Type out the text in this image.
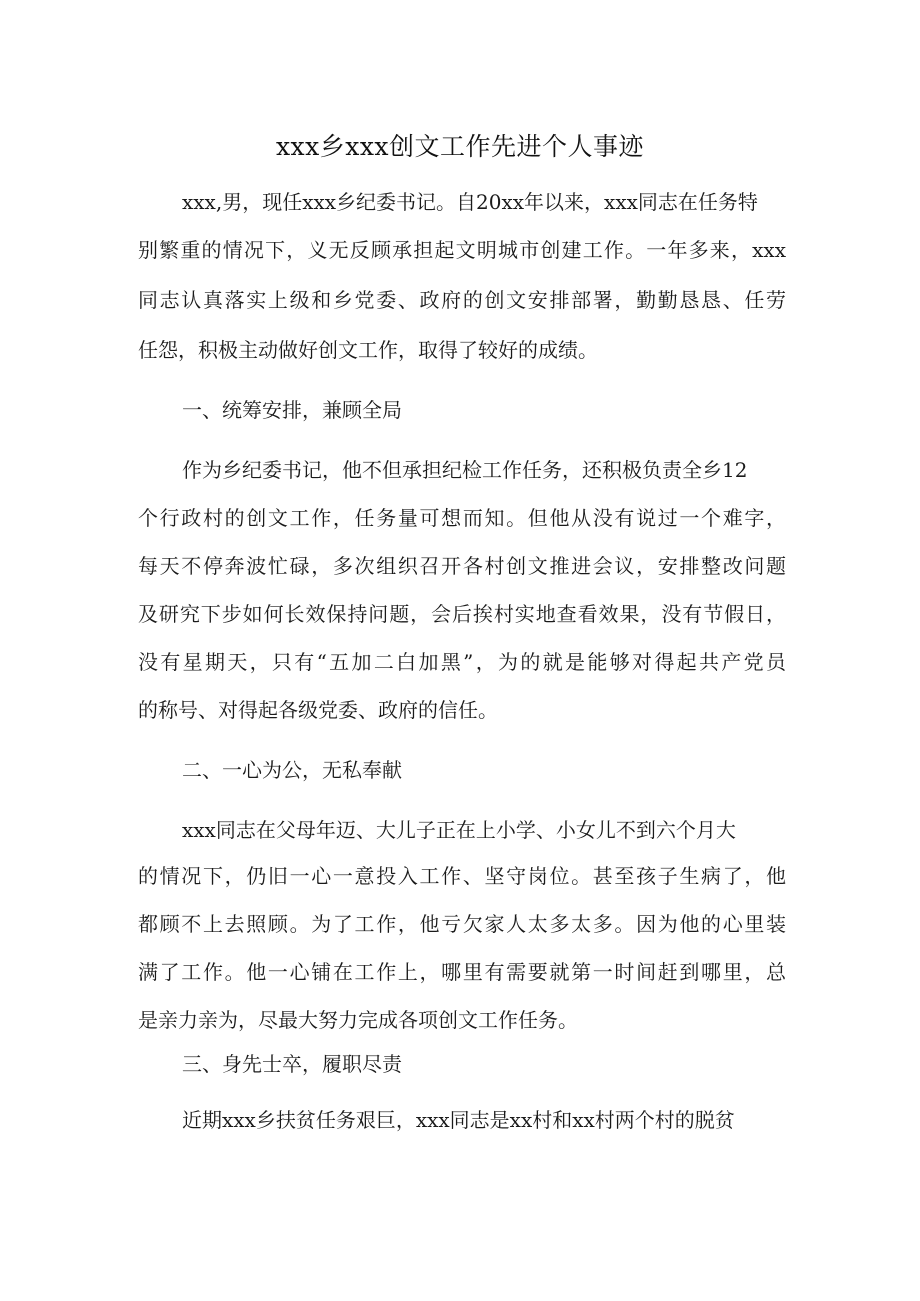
xxx乡xxx创文工作先进个人事迹
xxx,男，现任xxx乡纪委书记。自20xx年以来，xxx同志在任务特
别繁重的情况下，义无反顾承担起文明城市创建工作。一年多来，xxx
同志认真落实上级和乡党委、政府的创文安排部署，勤勤恳恳、任劳
任怨，积极主动做好创文工作，取得了较好的成绩。
一、统筹安排，兼顾全局
作为乡纪委书记，他不但承担纪检工作任务，还积极负责全乡12
个行政村的创文工作，任务量可想而知。但他从没有说过一个难字，
每天不停奔波忙碌，多次组织召开各村创文推进会议，安排整改问题
及研究下步如何长效保持问题，会后挨村实地查看效果，没有节假日，
没有星期天，只有“五加二白加黑”，为的就是能够对得起共产党员
的称号、对得起各级党委、政府的信任。
二、一心为公，无私奉献
xxx同志在父母年迈、大儿子正在上小学、小女儿不到六个月大
的情况下，仍旧一心一意投入工作、坚守岗位。甚至孩子生病了，他
都顾不上去照顾。为了工作，他亏欠家人太多太多。因为他的心里装
满了工作。他一心铺在工作上，哪里有需要就第一时间赶到哪里，总
是亲力亲为，尽最大努力完成各项创文工作任务。
三、身先士卒，履职尽责
近期xxx乡扶贫任务艰巨，xxx同志是xx村和xx村两个村的脱贫
